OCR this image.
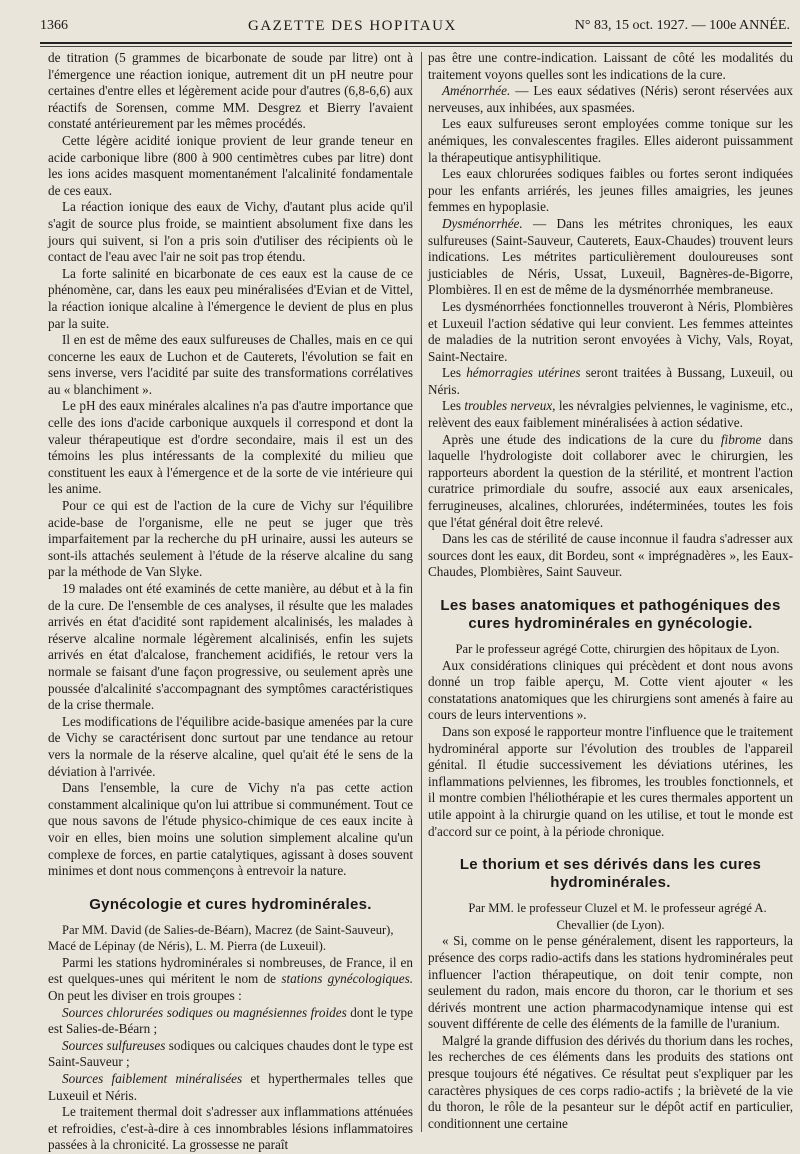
1366	GAZETTE DES HOPITAUX	N° 83, 15 oct. 1927. — 100e ANNÉE.

de titration (5 grammes de bicarbonate de soude par litre) ont à l'émergence une réaction ionique, autrement dit un pH neutre pour certaines d'entre elles et légèrement acide pour d'autres (6,8-6,6) aux réactifs de Sorensen, comme MM. Desgrez et Bierry l'avaient constaté antérieurement par les mêmes procédés.

Cette légère acidité ionique provient de leur grande teneur en acide carbonique libre (800 à 900 centimètres cubes par litre) dont les ions acides masquent momentanément l'alcalinité fondamentale de ces eaux.

La réaction ionique des eaux de Vichy, d'autant plus acide qu'il s'agit de source plus froide, se maintient absolument fixe dans les jours qui suivent, si l'on a pris soin d'utiliser des récipients où le contact de l'eau avec l'air ne soit pas trop étendu.

La forte salinité en bicarbonate de ces eaux est la cause de ce phénomène, car, dans les eaux peu minéralisées d'Evian et de Vittel, la réaction ionique alcaline à l'émergence le devient de plus en plus par la suite.

Il en est de même des eaux sulfureuses de Challes, mais en ce qui concerne les eaux de Luchon et de Cauterets, l'évolution se fait en sens inverse, vers l'acidité par suite des transformations corrélatives au « blanchiment ».

Le pH des eaux minérales alcalines n'a pas d'autre importance que celle des ions d'acide carbonique auxquels il correspond et dont la valeur thérapeutique est d'ordre secondaire, mais il est un des témoins les plus intéressants de la complexité du milieu que constituent les eaux à l'émergence et de la sorte de vie intérieure qui les anime.

Pour ce qui est de l'action de la cure de Vichy sur l'équilibre acide-base de l'organisme, elle ne peut se juger que très imparfaitement par la recherche du pH urinaire, aussi les auteurs se sont-ils attachés seulement à l'étude de la réserve alcaline du sang par la méthode de Van Slyke.

19 malades ont été examinés de cette manière, au début et à la fin de la cure. De l'ensemble de ces analyses, il résulte que les malades arrivés en état d'acidité sont rapidement alcalinisés, les malades à réserve alcaline normale légèrement alcalinisés, enfin les sujets arrivés en état d'alcalose, franchement acidifiés, le retour vers la normale se faisant d'une façon progressive, ou seulement après une poussée d'alcalinité s'accompagnant des symptômes caractéristiques de la crise thermale.

Les modifications de l'équilibre acide-basique amenées par la cure de Vichy se caractérisent donc surtout par une tendance au retour vers la normale de la réserve alcaline, quel qu'ait été le sens de la déviation à l'arrivée.

Dans l'ensemble, la cure de Vichy n'a pas cette action constamment alcalinique qu'on lui attribue si communément. Tout ce que nous savons de l'étude physico-chimique de ces eaux incite à voir en elles, bien moins une solution simplement alcaline qu'un complexe de forces, en partie catalytiques, agissant à doses souvent minimes et dont nous commençons à entrevoir la nature.

Gynécologie et cures hydrominérales.

Par MM. David (de Salies-de-Béarn), Macrez (de Saint-Sauveur), Macé de Lépinay (de Néris), L. M. Pierra (de Luxeuil).

Parmi les stations hydrominérales si nombreuses, de France, il en est quelques-unes qui méritent le nom de stations gynécologiques. On peut les diviser en trois groupes :

Sources chlorurées sodiques ou magnésiennes froides dont le type est Salies-de-Béarn ;

Sources sulfureuses sodiques ou calciques chaudes dont le type est Saint-Sauveur ;

Sources faiblement minéralisées et hyperthermales telles que Luxeuil et Néris.

Le traitement thermal doit s'adresser aux inflammations atténuées et refroidies, c'est-à-dire à ces innombrables lésions inflammatoires passées à la chronicité. La grossesse ne paraît

pas être une contre-indication. Laissant de côté les modalités du traitement voyons quelles sont les indications de la cure.

Aménorrhée. — Les eaux sédatives (Néris) seront réservées aux nerveuses, aux inhibées, aux spasmées.

Les eaux sulfureuses seront employées comme tonique sur les anémiques, les convalescentes fragiles. Elles aideront puissamment la thérapeutique antisyphilitique.

Les eaux chlorurées sodiques faibles ou fortes seront indiquées pour les enfants arriérés, les jeunes filles amaigries, les jeunes femmes en hypoplasie.

Dysménorrhée. — Dans les métrites chroniques, les eaux sulfureuses (Saint-Sauveur, Cauterets, Eaux-Chaudes) trouvent leurs indications. Les métrites particulièrement douloureuses sont justiciables de Néris, Ussat, Luxeuil, Bagnères-de-Bigorre, Plombières. Il en est de même de la dysménorrhée membraneuse.

Les dysménorrhées fonctionnelles trouveront à Néris, Plombières et Luxeuil l'action sédative qui leur convient. Les femmes atteintes de maladies de la nutrition seront envoyées à Vichy, Vals, Royat, Saint-Nectaire.

Les hémorragies utérines seront traitées à Bussang, Luxeuil, ou Néris.

Les troubles nerveux, les névralgies pelviennes, le vaginisme, etc., relèvent des eaux faiblement minéralisées à action sédative.

Après une étude des indications de la cure du fibrome dans laquelle l'hydrologiste doit collaborer avec le chirurgien, les rapporteurs abordent la question de la stérilité, et montrent l'action curatrice primordiale du soufre, associé aux eaux arsenicales, ferrugineuses, alcalines, chlorurées, indéterminées, toutes les fois que l'état général doit être relevé.

Dans les cas de stérilité de cause inconnue il faudra s'adresser aux sources dont les eaux, dit Bordeu, sont « imprégnadères », les Eaux-Chaudes, Plombières, Saint Sauveur.

Les bases anatomiques et pathogéniques des cures hydrominérales en gynécologie.

Par le professeur agrégé Cotte, chirurgien des hôpitaux de Lyon.

Aux considérations cliniques qui précèdent et dont nous avons donné un trop faible aperçu, M. Cotte vient ajouter « les constatations anatomiques que les chirurgiens sont amenés à faire au cours de leurs interventions ».

Dans son exposé le rapporteur montre l'influence que le traitement hydrominéral apporte sur l'évolution des troubles de l'appareil génital. Il étudie successivement les déviations utérines, les inflammations pelviennes, les fibromes, les troubles fonctionnels, et il montre combien l'héliothérapie et les cures thermales apportent un utile appoint à la chirurgie quand on les utilise, et tout le monde est d'accord sur ce point, à la période chronique.

Le thorium et ses dérivés dans les cures hydrominérales.

Par MM. le professeur Cluzel et M. le professeur agrégé A. Chevallier (de Lyon).

« Si, comme on le pense généralement, disent les rapporteurs, la présence des corps radio-actifs dans les stations hydrominérales peut influencer l'action thérapeutique, on doit tenir compte, non seulement du radon, mais encore du thoron, car le thorium et ses dérivés montrent une action pharmacodynamique intense qui est souvent différente de celle des éléments de la famille de l'uranium.

Malgré la grande diffusion des dérivés du thorium dans les roches, les recherches de ces éléments dans les produits des stations ont presque toujours été négatives. Ce résultat peut s'expliquer par les caractères physiques de ces corps radio-actifs ; la brièveté de la vie du thoron, le rôle de la pesanteur sur le dépôt actif en particulier, conditionnent une certaine
